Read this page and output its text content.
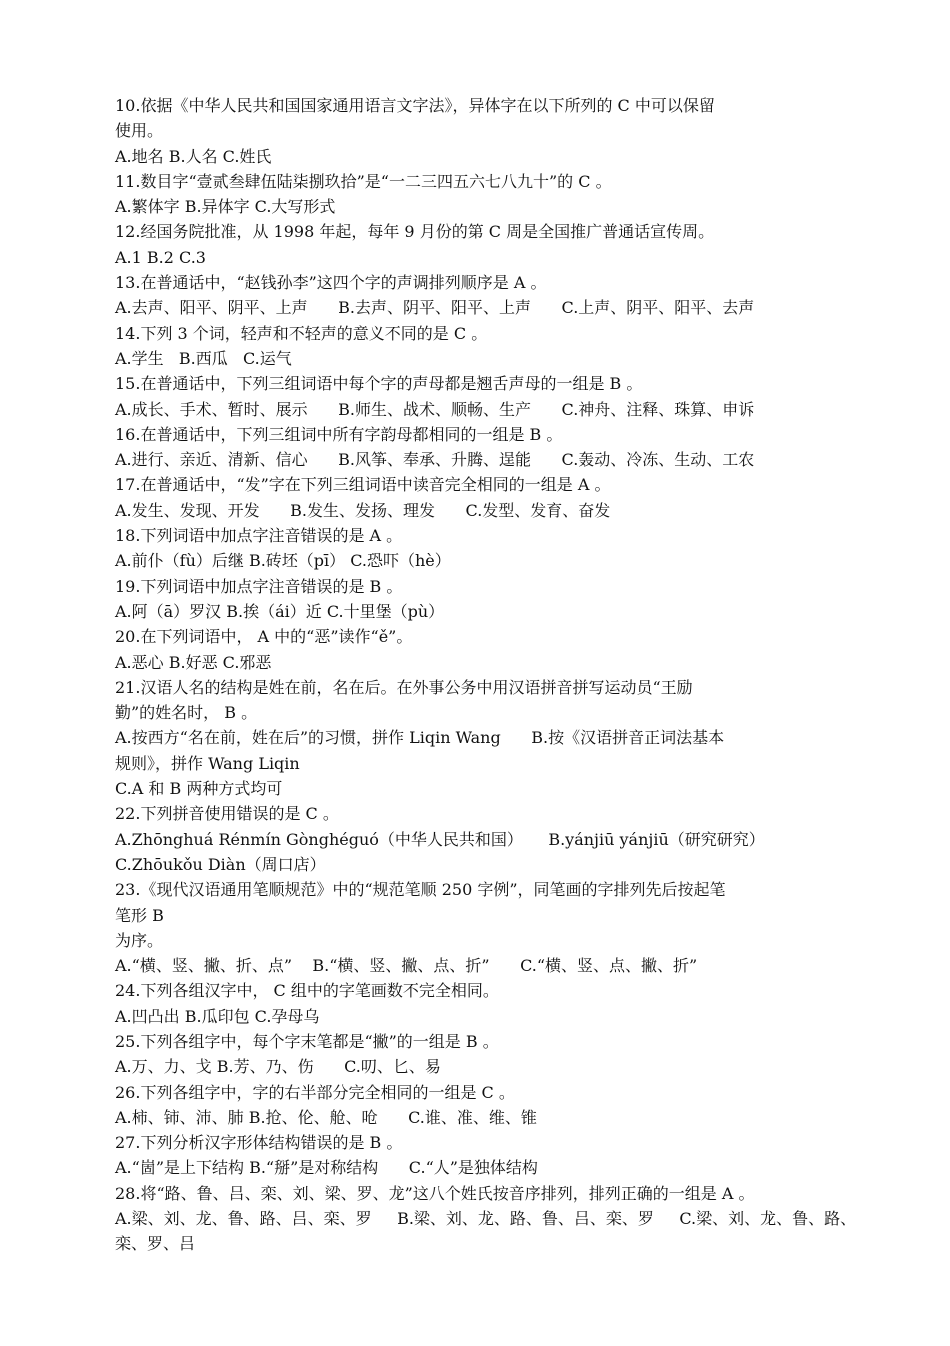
10.依据《中华人民共和国国家通用语言文字法》，异体字在以下所列的 C 中可以保留
使用。
A.地名 B.人名 C.姓氏
11.数目字“壹贰叁肆伍陆柒捌玖拾”是“一二三四五六七八九十”的 C 。
A.繁体字 B.异体字 C.大写形式
12.经国务院批准，从 1998 年起，每年 9 月份的第 C 周是全国推广普通话宣传周。
A.1 B.2 C.3
13.在普通话中，“赵钱孙李”这四个字的声调排列顺序是 A 。
A.去声、阳平、阴平、上声      B.去声、阴平、阳平、上声      C.上声、阴平、阳平、去声
14.下列 3 个词，轻声和不轻声的意义不同的是 C 。
A.学生   B.西瓜   C.运气
15.在普通话中，下列三组词语中每个字的声母都是翘舌声母的一组是 B 。
A.成长、手术、暂时、展示      B.师生、战术、顺畅、生产      C.神舟、注释、珠算、申诉
16.在普通话中，下列三组词中所有字韵母都相同的一组是 B 。
A.进行、亲近、清新、信心      B.风筝、奉承、升腾、逞能      C.轰动、冷冻、生动、工农
17.在普通话中，“发”字在下列三组词语中读音完全相同的一组是 A 。
A.发生、发现、开发      B.发生、发扬、理发      C.发型、发育、奋发
18.下列词语中加点字注音错误的是 A 。
A.前仆（fù）后继 B.砖坯（pī） C.恐吓（hè）
19.下列词语中加点字注音错误的是 B 。
A.阿（ā）罗汉 B.挨（ái）近 C.十里堡（pù）
20.在下列词语中， A 中的“恶”读作“ě”。
A.恶心 B.好恶 C.邪恶
21.汉语人名的结构是姓在前，名在后。在外事公务中用汉语拼音拼写运动员“王励
勤”的姓名时， B 。
A.按西方“名在前，姓在后”的习惯，拼作 Liqin Wang      B.按《汉语拼音正词法基本
规则》，拼作 Wang Liqin
C.A 和 B 两种方式均可
22.下列拼音使用错误的是 C 。
A.Zhōnghuá Rénmín Gònghéguó（中华人民共和国）     B.yánjiū yánjiū（研究研究）
C.Zhōukǒu Diàn（周口店）
23.《现代汉语通用笔顺规范》中的“规范笔顺 250 字例”，同笔画的字排列先后按起笔
笔形 B
为序。
A.“横、竖、撇、折、点”    B.“横、竖、撇、点、折”      C.“横、竖、点、撇、折”
24.下列各组汉字中， C 组中的字笔画数不完全相同。
A.凹凸出 B.瓜印包 C.孕母乌
25.下列各组字中，每个字末笔都是“撇”的一组是 B 。
A.万、力、戈 B.芳、乃、伤      C.叨、匕、易
26.下列各组字中，字的右半部分完全相同的一组是 C 。
A.柿、铈、沛、肺 B.抢、伦、舱、呛      C.谁、准、维、锥
27.下列分析汉字形体结构错误的是 B 。
A.“崮”是上下结构 B.“掰”是对称结构      C.“人”是独体结构
28.将“路、鲁、吕、栾、刘、梁、罗、龙”这八个姓氏按音序排列，排列正确的一组是 A 。
A.梁、刘、龙、鲁、路、吕、栾、罗     B.梁、刘、龙、路、鲁、吕、栾、罗     C.梁、刘、龙、鲁、路、
栾、罗、吕
